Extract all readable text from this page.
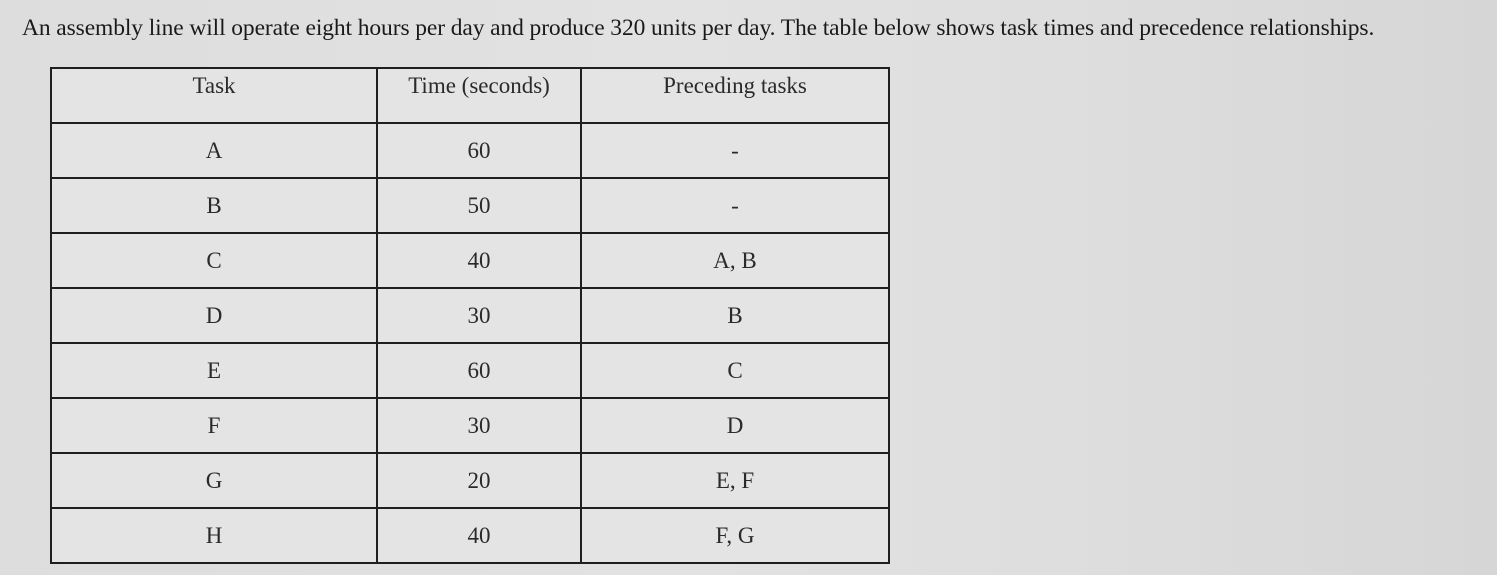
An assembly line will operate eight hours per day and produce 320 units per day. The table below shows task times and precedence relationships.
Task	Time (seconds)	Preceding tasks
A	60	-
B	50	-
C	40	A, B
D	30	B
E	60	C
F	30	D
G	20	E, F
H	40	F, G
